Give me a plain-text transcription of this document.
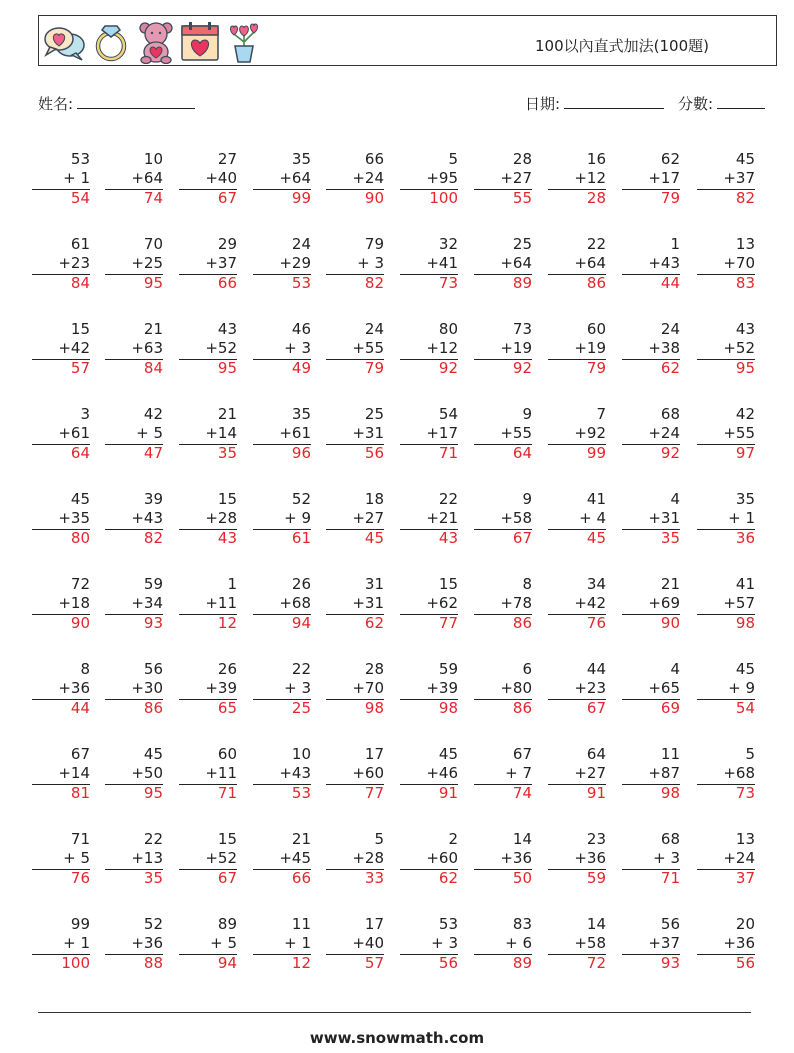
100以內直式加法(100題)
姓名:	日期:	分數:
53
+ 1
54
10
+64
74
27
+40
67
35
+64
99
66
+24
90
5
+95
100
28
+27
55
16
+12
28
62
+17
79
45
+37
82
61
+23
84
70
+25
95
29
+37
66
24
+29
53
79
+ 3
82
32
+41
73
25
+64
89
22
+64
86
1
+43
44
13
+70
83
15
+42
57
21
+63
84
43
+52
95
46
+ 3
49
24
+55
79
80
+12
92
73
+19
92
60
+19
79
24
+38
62
43
+52
95
3
+61
64
42
+ 5
47
21
+14
35
35
+61
96
25
+31
56
54
+17
71
9
+55
64
7
+92
99
68
+24
92
42
+55
97
45
+35
80
39
+43
82
15
+28
43
52
+ 9
61
18
+27
45
22
+21
43
9
+58
67
41
+ 4
45
4
+31
35
35
+ 1
36
72
+18
90
59
+34
93
1
+11
12
26
+68
94
31
+31
62
15
+62
77
8
+78
86
34
+42
76
21
+69
90
41
+57
98
8
+36
44
56
+30
86
26
+39
65
22
+ 3
25
28
+70
98
59
+39
98
6
+80
86
44
+23
67
4
+65
69
45
+ 9
54
67
+14
81
45
+50
95
60
+11
71
10
+43
53
17
+60
77
45
+46
91
67
+ 7
74
64
+27
91
11
+87
98
5
+68
73
71
+ 5
76
22
+13
35
15
+52
67
21
+45
66
5
+28
33
2
+60
62
14
+36
50
23
+36
59
68
+ 3
71
13
+24
37
99
+ 1
100
52
+36
88
89
+ 5
94
11
+ 1
12
17
+40
57
53
+ 3
56
83
+ 6
89
14
+58
72
56
+37
93
20
+36
56
www.snowmath.com
